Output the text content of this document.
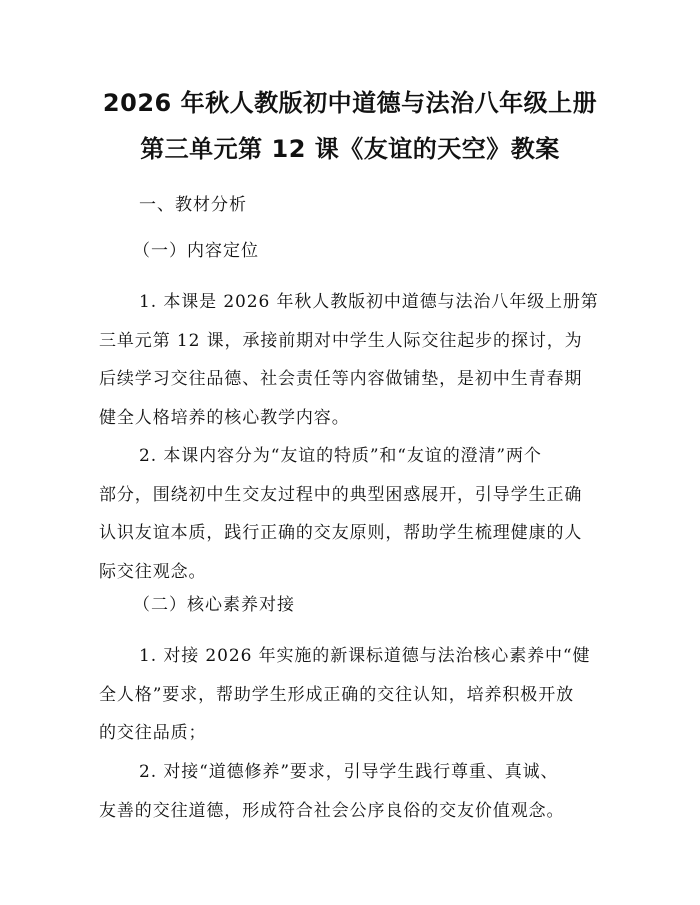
2026 年秋人教版初中道德与法治八年级上册
第三单元第 12 课《友谊的天空》教案
一、教材分析
（一）内容定位
1. 本课是 2026 年秋人教版初中道德与法治八年级上册第
三单元第 12 课，承接前期对中学生人际交往起步的探讨，为
后续学习交往品德、社会责任等内容做铺垫，是初中生青春期
健全人格培养的核心教学内容。
2. 本课内容分为“友谊的特质”和“友谊的澄清”两个
部分，围绕初中生交友过程中的典型困惑展开，引导学生正确
认识友谊本质，践行正确的交友原则，帮助学生梳理健康的人
际交往观念。
（二）核心素养对接
1. 对接 2026 年实施的新课标道德与法治核心素养中“健
全人格”要求，帮助学生形成正确的交往认知，培养积极开放
的交往品质；
2. 对接“道德修养”要求，引导学生践行尊重、真诚、
友善的交往道德，形成符合社会公序良俗的交友价值观念。
